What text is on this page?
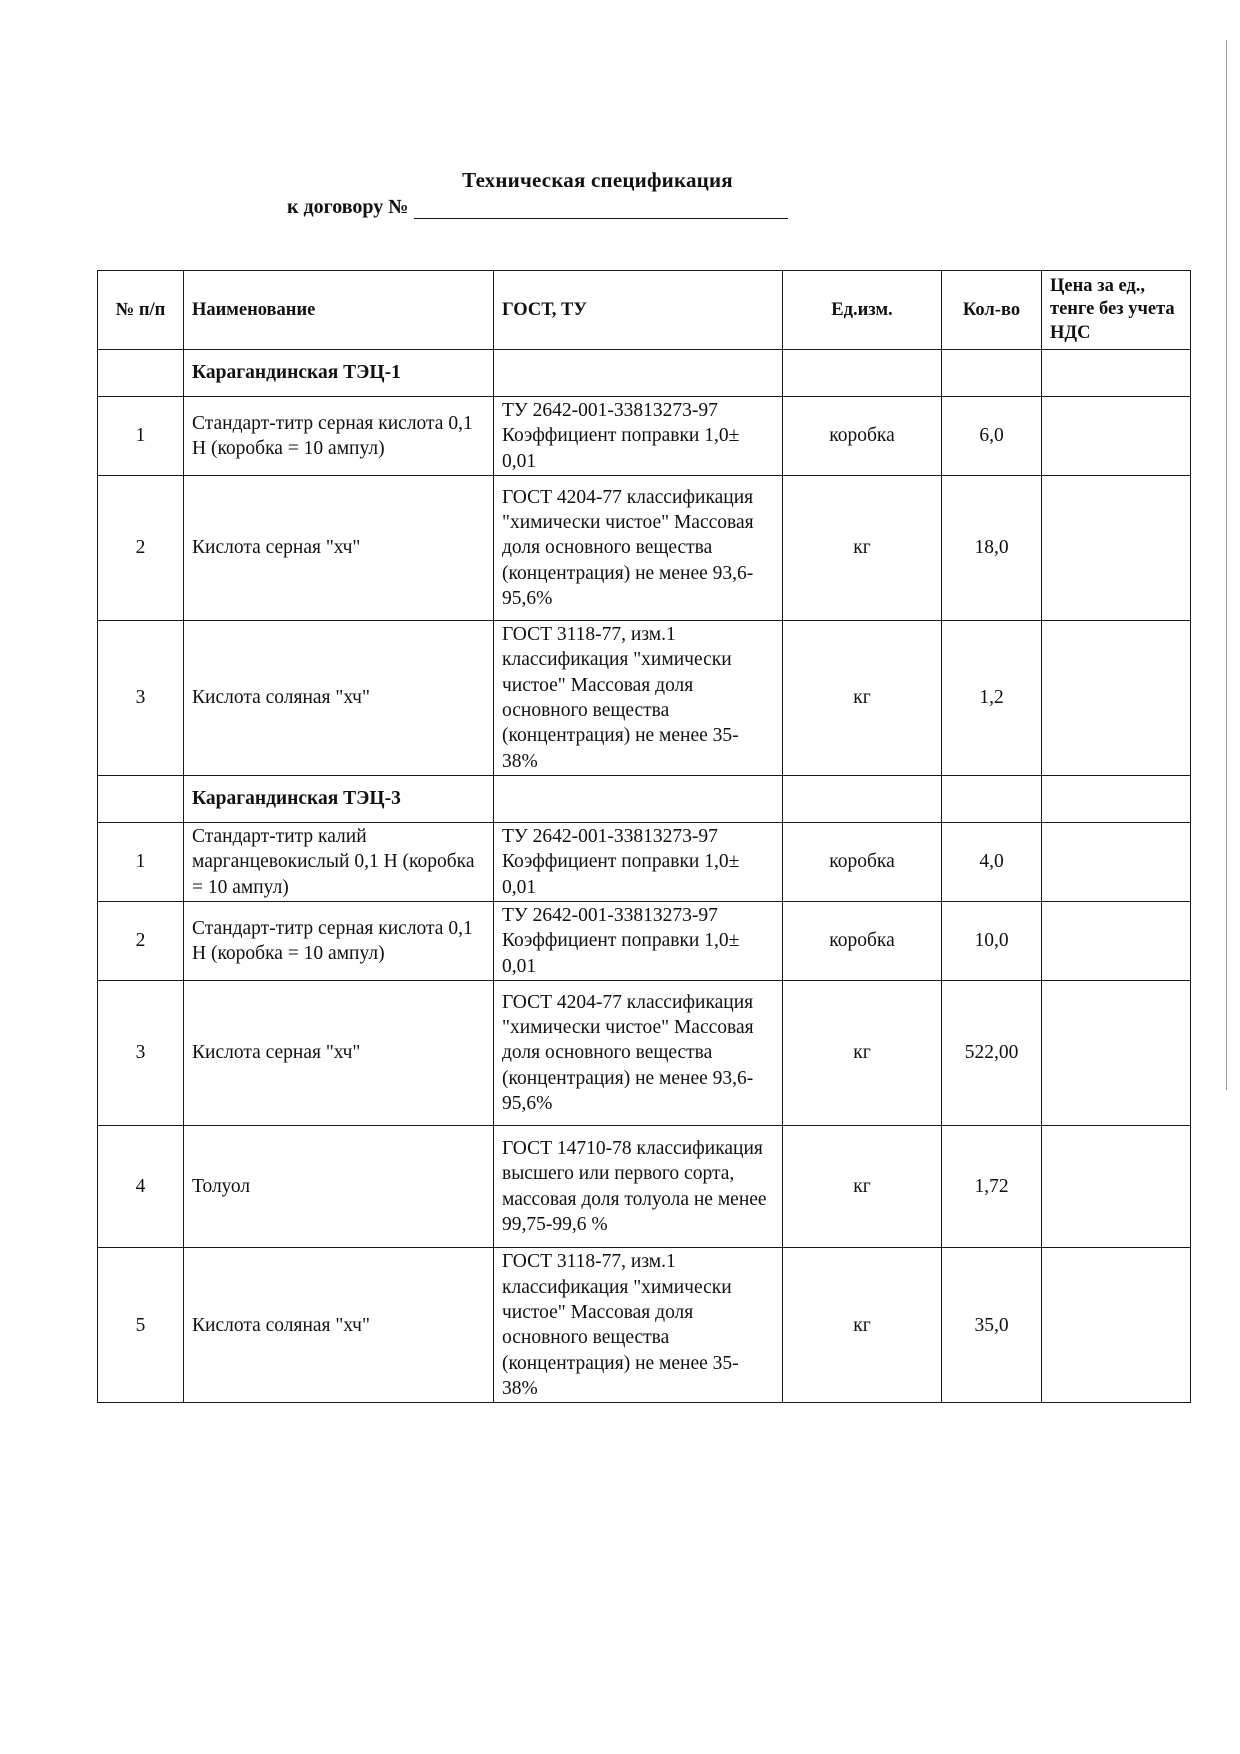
Техническая спецификация
к договору №
№ п/п	Наименование	ГОСТ, ТУ	Ед.изм.	Кол-во	Цена за ед., тенге без учета НДС
	Карагандинская ТЭЦ-1				
1	Стандарт-титр серная кислота 0,1 Н (коробка = 10 ампул)	ТУ 2642-001-33813273-97 Коэффициент поправки 1,0± 0,01	коробка	6,0	
2	Кислота серная "хч"	ГОСТ 4204-77 классификация "химически чистое" Массовая доля основного вещества (концентрация) не менее 93,6-95,6%	кг	18,0	
3	Кислота соляная "хч"	ГОСТ 3118-77, изм.1 классификация "химически чистое" Массовая доля основного вещества (концентрация) не менее 35-38%	кг	1,2	
	Карагандинская ТЭЦ-3				
1	Стандарт-титр калий марганцевокислый 0,1 Н (коробка = 10 ампул)	ТУ 2642-001-33813273-97 Коэффициент поправки 1,0± 0,01	коробка	4,0	
2	Стандарт-титр серная кислота 0,1 Н (коробка = 10 ампул)	ТУ 2642-001-33813273-97 Коэффициент поправки 1,0± 0,01	коробка	10,0	
3	Кислота серная "хч"	ГОСТ 4204-77 классификация "химически чистое" Массовая доля основного вещества (концентрация) не менее 93,6-95,6%	кг	522,00	
4	Толуол	ГОСТ 14710-78 классификация высшего или первого сорта, массовая доля толуола не менее 99,75-99,6 %	кг	1,72	
5	Кислота соляная "хч"	ГОСТ 3118-77, изм.1 классификация "химически чистое" Массовая доля основного вещества (концентрация) не менее 35-38%	кг	35,0	
